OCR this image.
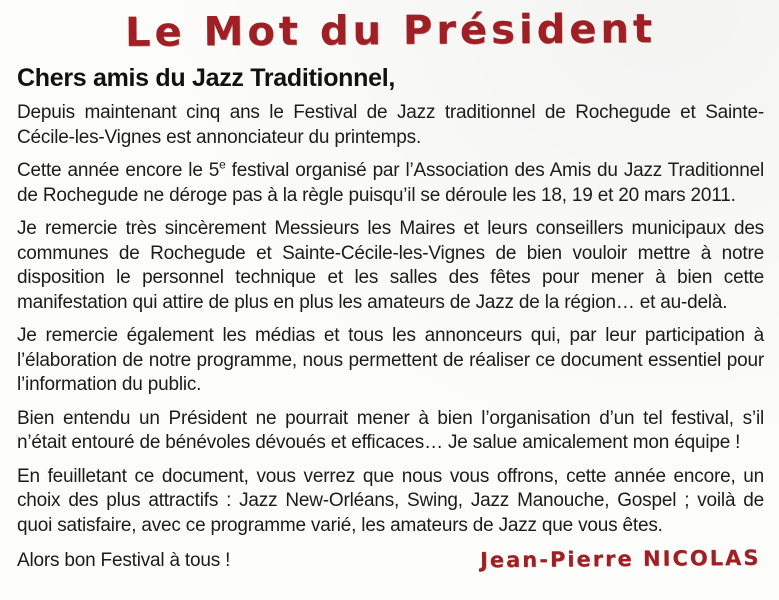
Le Mot du Président
Chers amis du Jazz Traditionnel,

Depuis maintenant cinq ans le Festival de Jazz traditionnel de Rochegude et Sainte-Cécile-les-Vignes est annonciateur du printemps.

Cette année encore le 5e festival organisé par l’Association des Amis du Jazz Traditionnel de Rochegude ne déroge pas à la règle puisqu’il se déroule les 18, 19 et 20 mars 2011.

Je remercie très sincèrement Messieurs les Maires et leurs conseillers municipaux des communes de Rochegude et Sainte-Cécile-les-Vignes de bien vouloir mettre à notre disposition le personnel technique et les salles des fêtes pour mener à bien cette manifestation qui attire de plus en plus les amateurs de Jazz de la région… et au-delà.

Je remercie également les médias et tous les annonceurs qui, par leur participation à l’élaboration de notre programme, nous permettent de réaliser ce document essentiel pour l’information du public.

Bien entendu un Président ne pourrait mener à bien l’organisation d’un tel festival, s’il n’était entouré de bénévoles dévoués et efficaces… Je salue amicalement mon équipe !

En feuilletant ce document, vous verrez que nous vous offrons, cette année encore, un choix des plus attractifs : Jazz New-Orléans, Swing, Jazz Manouche, Gospel ; voilà de quoi satisfaire, avec ce programme varié, les amateurs de Jazz que vous êtes.

Alors bon Festival à tous !	Jean-Pierre NICOLAS
